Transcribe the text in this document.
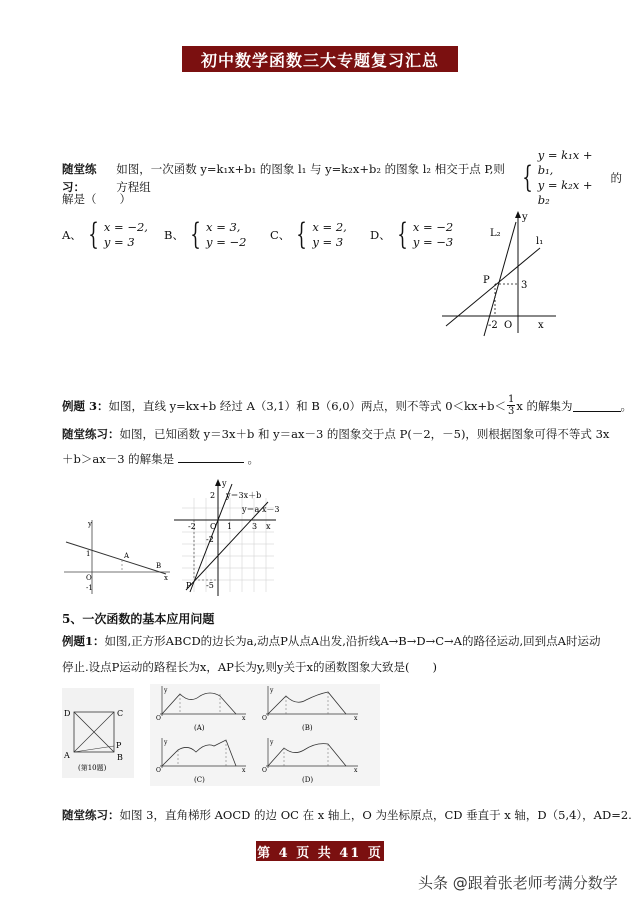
初中数学函数三大专题复习汇总
随堂练习：
如图，一次函数 y=k₁x+b₁ 的图象 l₁ 与 y=k₂x+b₂ 的图象 l₂ 相交于点 P,则方程组	{
y = k₁x + b₁,
y = k₂x + b₂
的
解是（　　）
A、 { x = −2,
y = 3	B、 { x = 3,
y = −2 C、 { x = 2,
y = 3	D、 { x = −2
y = −3
L₂
l₁
y
x
P	3
-2 O
例题 3： 如图，直线 y=kx+b 经过 A（3,1）和 B（6,0）两点，则不等式 $0<kx+b< \frac{1}{3}$ x 的解集为	。
随堂练习：如图，已知函数 y＝3x＋b 和 y＝ax－3 的图象交于点 P(－2，－5)，则根据图象可得不等式 3x
＋b＞ax－3 的解集是	。
y
A
B
O
1
x
-1
y
y＝3x＋b
y＝a x－3
2
1
-2 O
-2
3 x
P -5
5、一次函数的基本应用问题
例题1：如图,正方形ABCD的边长为a,动点P从点A出发,沿折线A→B→D→C→A的路径运动,回到点A时运动
停止.设点P运动的路程长为x，AP长为y,则y关于x的函数图象大致是(　　)
D	C
A	B
P
(第10题)
y
O	x
(A)
y
O	x
(B)
y
O	x
(C)
y
O	x
(D)
随堂练习：如图 3，直角梯形 AOCD 的边 OC 在 x 轴上，O 为坐标原点，CD 垂直于 x 轴，D（5,4），AD=2.
第 4 页 共 41 页
头条 @跟着张老师考满分数学
